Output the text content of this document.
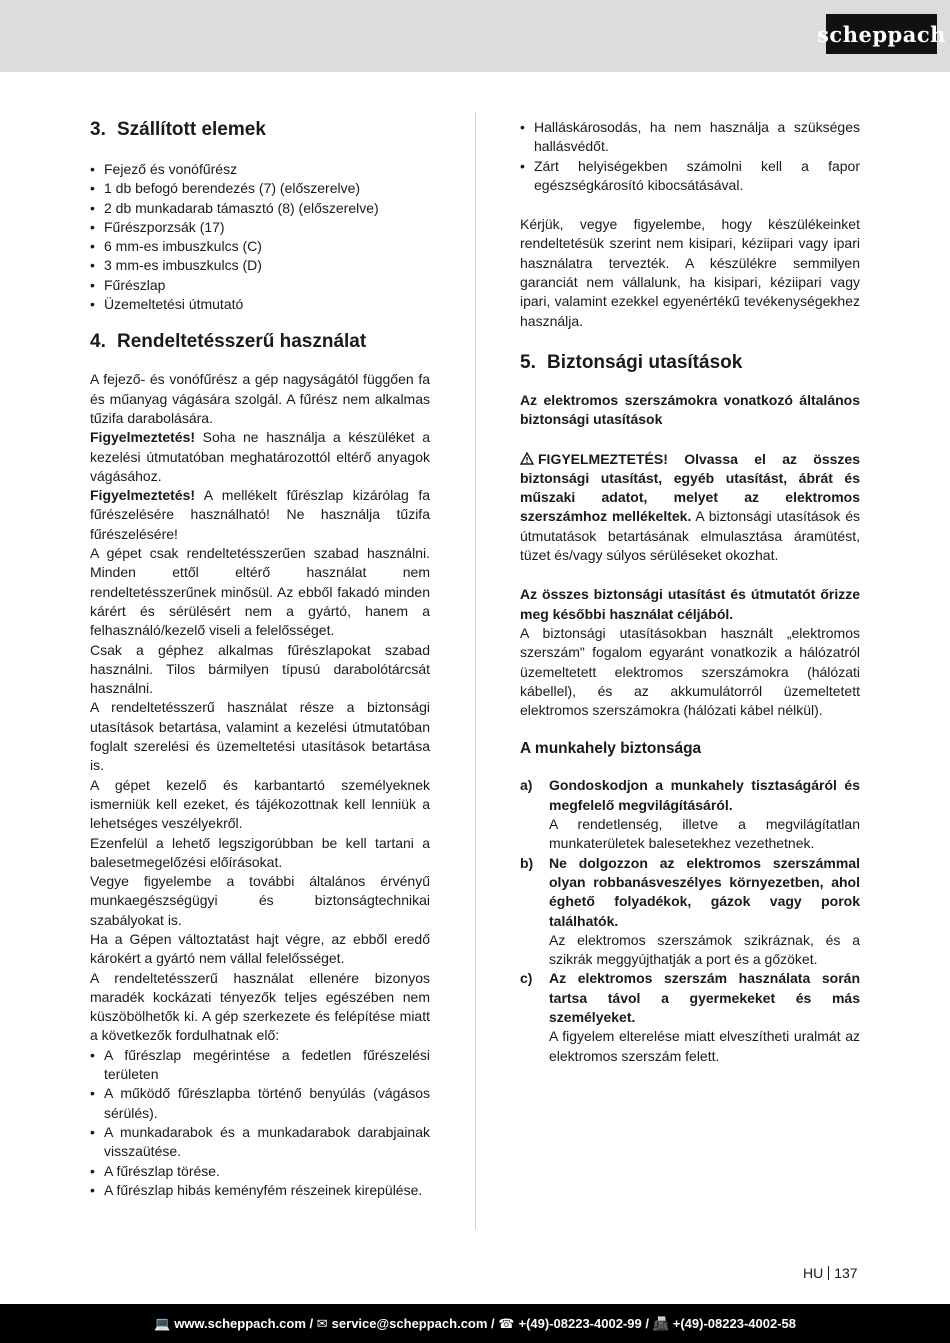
scheppach
3. Szállított elemek
• Fejező és vonófűrész
• 1 db befogó berendezés (7) (előszerelve)
• 2 db munkadarab támasztó (8) (előszerelve)
• Fűrészporzsák (17)
• 6 mm-es imbuszkulcs (C)
• 3 mm-es imbuszkulcs (D)
• Fűrészlap
• Üzemeltetési útmutató
4. Rendeltetésszerű használat

A fejező- és vonófűrész a gép nagyságától függően fa és műanyag vágására szolgál. A fűrész nem alkalmas tűzifa darabolására.

Figyelmeztetés! Soha ne használja a készüléket a kezelési útmutatóban meghatározottól eltérő anyagok vágásához.

Figyelmeztetés! A mellékelt fűrészlap kizárólag fa fűrészelésére használható! Ne használja tűzifa fűrészelésére!

A gépet csak rendeltetésszerűen szabad használni. Minden ettől eltérő használat nem rendeltetésszerűnek minősül. Az ebből fakadó minden kárért és sérülésért nem a gyártó, hanem a felhasználó/kezelő viseli a felelősséget.

Csak a géphez alkalmas fűrészlapokat szabad használni. Tilos bármilyen típusú darabolótárcsát használni.

A rendeltetésszerű használat része a biztonsági utasítások betartása, valamint a kezelési útmutatóban foglalt szerelési és üzemeltetési utasítások betartása is.

A gépet kezelő és karbantartó személyeknek ismerniük kell ezeket, és tájékozottnak kell lenniük a lehetséges veszélyekről.

Ezenfelül a lehető legszigorúbban be kell tartani a balesetmegelőzési előírásokat.

Vegye figyelembe a további általános érvényű munkaegészségügyi és biztonságtechnikai szabályokat is.

Ha a Gépen változtatást hajt végre, az ebből eredő károkért a gyártó nem vállal felelősséget.

A rendeltetésszerű használat ellenére bizonyos maradék kockázati tényezők teljes egészében nem küszöbölhetők ki. A gép szerkezete és felépítése miatt a következők fordulhatnak elő:

• A fűrészlap megérintése a fedetlen fűrészelési területen
• A működő fűrészlapba történő benyúlás (vágásos sérülés).
• A munkadarabok és a munkadarabok darabjainak visszaütése.
• A fűrészlap törése.
• A fűrészlap hibás keményfém részeinek kirepülése.
• Halláskárosodás, ha nem használja a szükséges hallásvédőt.
• Zárt helyiségekben számolni kell a fapor egészségkárosító kibocsátásával.

Kérjük, vegye figyelembe, hogy készülékeinket rendeltetésük szerint nem kisipari, kéziipari vagy ipari használatra tervezték. A készülékre semmilyen garanciát nem vállalunk, ha kisipari, kéziipari vagy ipari, valamint ezekkel egyenértékű tevékenységekhez használja.

5. Biztonsági utasítások

Az elektromos szerszámokra vonatkozó általános biztonsági utasítások

FIGYELMEZTETÉS! Olvassa el az összes biztonsági utasítást, egyéb utasítást, ábrát és műszaki adatot, melyet az elektromos szerszámhoz mellékeltek. A biztonsági utasítások és útmutatások betartásának elmulasztása áramütést, tüzet és/vagy súlyos sérüléseket okozhat.

Az összes biztonsági utasítást és útmutatót őrizze meg későbbi használat céljából.

A biztonsági utasításokban használt „elektromos szerszám" fogalom egyaránt vonatkozik a hálózatról üzemeltetett elektromos szerszámokra (hálózati kábellel), és az akkumulátorról üzemeltetett elektromos szerszámokra (hálózati kábel nélkül).

A munkahely biztonsága
a) Gondoskodjon a munkahely tisztaságáról és megfelelő megvilágításáról.

A rendetlenség, illetve a megvilágítatlan munkaterületek balesetekhez vezethetnek.

b) Ne dolgozzon az elektromos szerszámmal olyan robbanásveszélyes környezetben, ahol éghető folyadékok, gázok vagy porok találhatók.

Az elektromos szerszámok szikráznak, és a szikrák meggyújthatják a port és a gőzöket.

c) Az elektromos szerszám használata során tartsa távol a gyermekeket és más személyeket.

A figyelem elterelése miatt elveszítheti uralmát az elektromos szerszám felett.

HU 137
💻 www.scheppach.com / ✉ service@scheppach.com / ☎ +(49)-08223-4002-99 / 📠 +(49)-08223-4002-58
